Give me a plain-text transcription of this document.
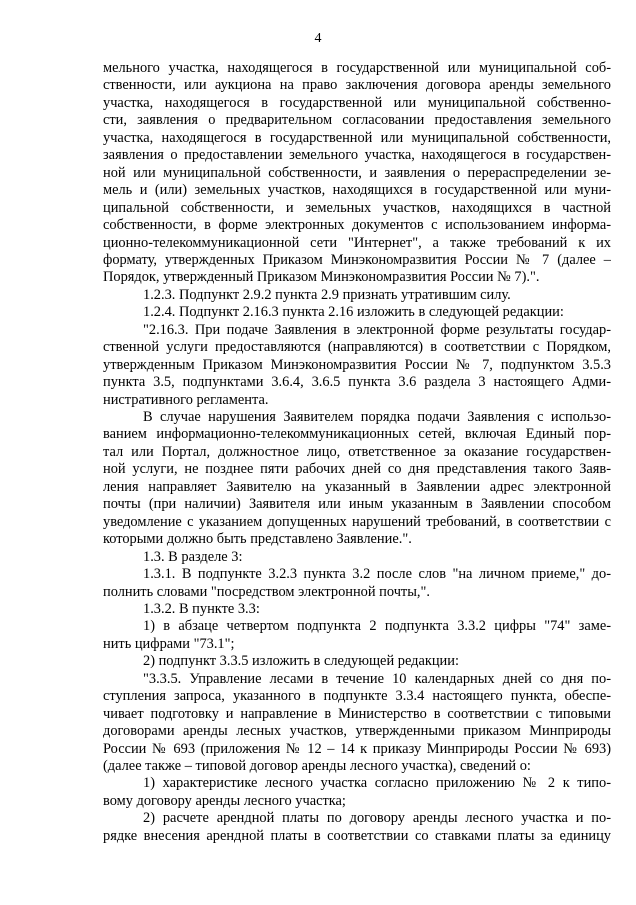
4
мельного участка, находящегося в государственной или муниципальной соб-
ственности, или аукциона на право заключения договора аренды земельного
участка, находящегося в государственной или муниципальной собственно-
сти, заявления о предварительном согласовании предоставления земельного
участка, находящегося в государственной или муниципальной собственности,
заявления о предоставлении земельного участка, находящегося в государствен-
ной или муниципальной собственности, и заявления о перераспределении зе-
мель и (или) земельных участков, находящихся в государственной или муни-
ципальной собственности, и земельных участков, находящихся в частной
собственности, в форме электронных документов с использованием информа-
ционно-телекоммуникационной сети "Интернет", а также требований к их
формату, утвержденных Приказом Минэкономразвития России № 7 (далее –
Порядок, утвержденный Приказом Минэкономразвития России № 7).".
1.2.3. Подпункт 2.9.2 пункта 2.9 признать утратившим силу.
1.2.4. Подпункт 2.16.3 пункта 2.16 изложить в следующей редакции:
"2.16.3. При подаче Заявления в электронной форме результаты государ-
ственной услуги предоставляются (направляются) в соответствии с Порядком,
утвержденным Приказом Минэкономразвития России № 7, подпунктом 3.5.3
пункта 3.5, подпунктами 3.6.4, 3.6.5 пункта 3.6 раздела 3 настоящего Адми-
нистративного регламента.
В случае нарушения Заявителем порядка подачи Заявления с использо-
ванием информационно-телекоммуникационных сетей, включая Единый пор-
тал или Портал, должностное лицо, ответственное за оказание государствен-
ной услуги, не позднее пяти рабочих дней со дня представления такого Заяв-
ления направляет Заявителю на указанный в Заявлении адрес электронной
почты (при наличии) Заявителя или иным указанным в Заявлении способом
уведомление с указанием допущенных нарушений требований, в соответствии с
которыми должно быть представлено Заявление.".
1.3. В разделе 3:
1.3.1. В подпункте 3.2.3 пункта 3.2 после слов "на личном приеме," до-
полнить словами "посредством электронной почты,".
1.3.2. В пункте 3.3:
1) в абзаце четвертом подпункта 2 подпункта 3.3.2 цифры "74" заме-
нить цифрами "73.1";
2) подпункт 3.3.5 изложить в следующей редакции:
"3.3.5. Управление лесами в течение 10 календарных дней со дня по-
ступления запроса, указанного в подпункте 3.3.4 настоящего пункта, обеспе-
чивает подготовку и направление в Министерство в соответствии с типовыми
договорами аренды лесных участков, утвержденными приказом Минприроды
России № 693 (приложения № 12 – 14 к приказу Минприроды России № 693)
(далее также – типовой договор аренды лесного участка), сведений о:
1) характеристике лесного участка согласно приложению № 2 к типо-
вому договору аренды лесного участка;
2) расчете арендной платы по договору аренды лесного участка и по-
рядке внесения арендной платы в соответствии со ставками платы за единицу
